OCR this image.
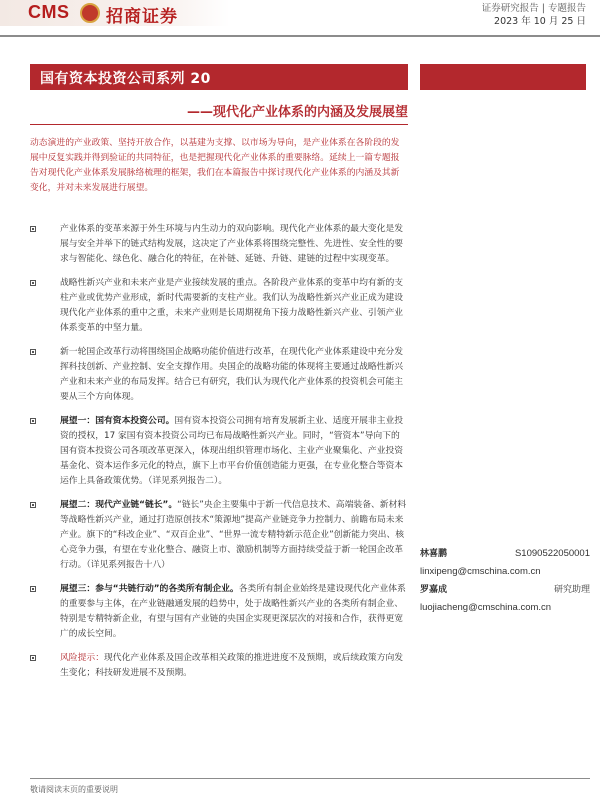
CMS 招商证券	证券研究报告 | 专题报告
2023 年 10 月 25 日
国有资本投资公司系列 20
——现代化产业体系的内涵及发展展望
动态演进的产业政策、坚持开放合作，以基建为支撑、以市场为导向，是产业体系在各阶段的发展中反复实践并得到验证的共同特征，也是把握现代化产业体系的重要脉络。延续上一篇专题报告对现代化产业体系发展脉络梳理的框架，我们在本篇报告中探讨现代化产业体系的内涵及其新变化，并对未来发展进行展望。
产业体系的变革来源于外生环境与内生动力的双向影响。现代化产业体系的最大变化是发展与安全并举下的链式结构发展，这决定了产业体系将围绕完整性、先进性、安全性的要求与智能化、绿色化、融合化的特征，在补链、延链、升链、建链的过程中实现变革。
战略性新兴产业和未来产业是产业接续发展的重点。各阶段产业体系的变革中均有新的支柱产业或优势产业形成，新时代需要新的支柱产业。我们认为战略性新兴产业正成为建设现代化产业体系的重中之重，未来产业则是长周期视角下接力战略性新兴产业、引领产业体系变革的中坚力量。
新一轮国企改革行动将围绕国企战略功能价值进行改革，在现代化产业体系建设中充分发挥科技创新、产业控制、安全支撑作用。央国企的战略功能的体现将主要通过战略性新兴产业和未来产业的布局发挥。结合已有研究，我们认为现代化产业体系的投资机会可能主要从三个方向体现。
展望一：国有资本投资公司。国有资本投资公司拥有培育发展新主业、适度开展非主业投资的授权，17 家国有资本投资公司均已布局战略性新兴产业。同时，“管资本”导向下的国有资本投资公司各项改革更深入，体现出组织管理市场化、主业产业聚集化、产业投资基金化、资本运作多元化的特点，旗下上市平台价值创造能力更强，在专业化整合等资本运作上具备政策优势。（详见系列报告二）。
展望二：现代产业链“链长”。“链长”央企主要集中于新一代信息技术、高端装备、新材料等战略性新兴产业，通过打造原创技术“策源地”提高产业链竞争力控制力、前瞻布局未来产业。旗下的“科改企业”、“双百企业”、“世界一流专精特新示范企业”创新能力突出、核心竞争力强，有望在专业化整合、融资上市、激励机制等方面持续受益于新一轮国企改革行动。（详见系列报告十八）
展望三：参与“共链行动”的各类所有制企业。各类所有制企业始终是建设现代化产业体系的重要参与主体，在产业链融通发展的趋势中，处于战略性新兴产业的各类所有制企业、特别是专精特新企业，有望与国有产业链的央国企实现更深层次的对接和合作，获得更宽广的成长空间。
风险提示：现代化产业体系及国企改革相关政策的推进进度不及预期，或后续政策方向发生变化；科技研发进展不及预期。
林喜鹏	S1090522050001
linxipeng@cmschina.com.cn
罗嘉成	研究助理
luojiacheng@cmschina.com.cn
敬请阅读末页的重要说明
